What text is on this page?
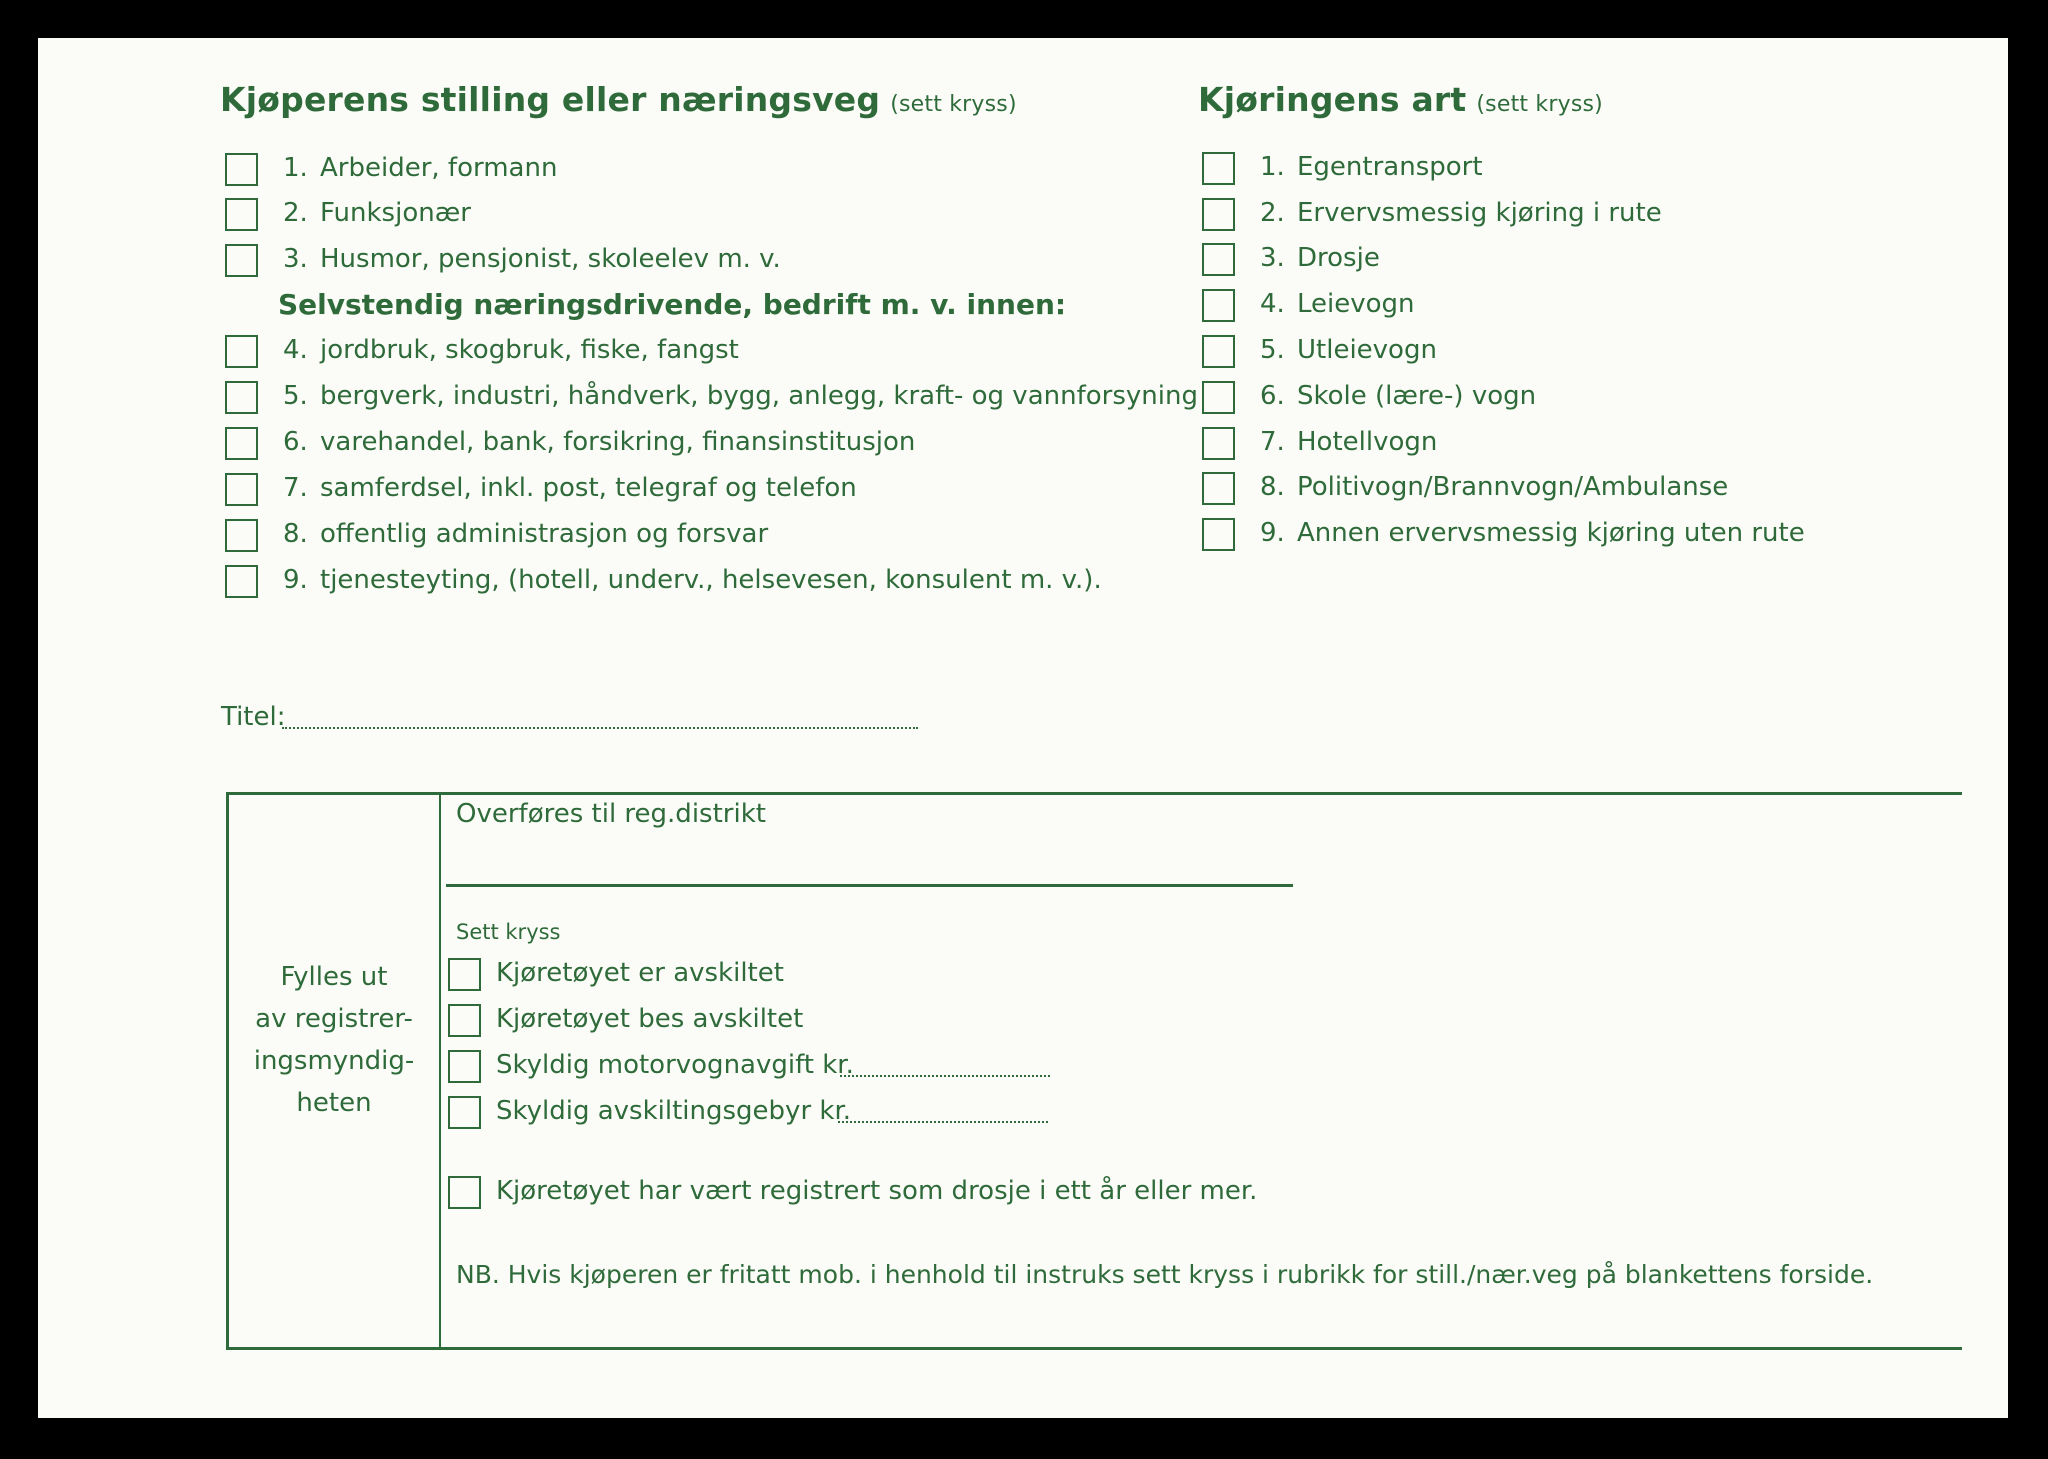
Kjøperens stilling eller næringsveg (sett kryss)
1. Arbeider, formann
2. Funksjonær
3. Husmor, pensjonist, skoleelev m. v.
Selvstendig næringsdrivende, bedrift m. v. innen:
4. jordbruk, skogbruk, fiske, fangst
5. bergverk, industri, håndverk, bygg, anlegg, kraft- og vannforsyning
6. varehandel, bank, forsikring, finansinstitusjon
7. samferdsel, inkl. post, telegraf og telefon
8. offentlig administrasjon og forsvar
9. tjenesteyting, (hotell, underv., helsevesen, konsulent m. v.).
Kjøringens art (sett kryss)
1. Egentransport
2. Ervervsmessig kjøring i rute
3. Drosje
4. Leievogn
5. Utleievogn
6. Skole (lære-) vogn
7. Hotellvogn
8. Politivogn/Brannvogn/Ambulanse
9. Annen ervervsmessig kjøring uten rute
Titel:
Fylles ut
av registrer-
ingsmyndig-
heten
Overføres til reg.distrikt
Sett kryss
Kjøretøyet er avskiltet
Kjøretøyet bes avskiltet
Skyldig motorvognavgift kr.
Skyldig avskiltingsgebyr kr.
Kjøretøyet har vært registrert som drosje i ett år eller mer.
NB. Hvis kjøperen er fritatt mob. i henhold til instruks sett kryss i rubrikk for still./nær.veg på blankettens forside.
